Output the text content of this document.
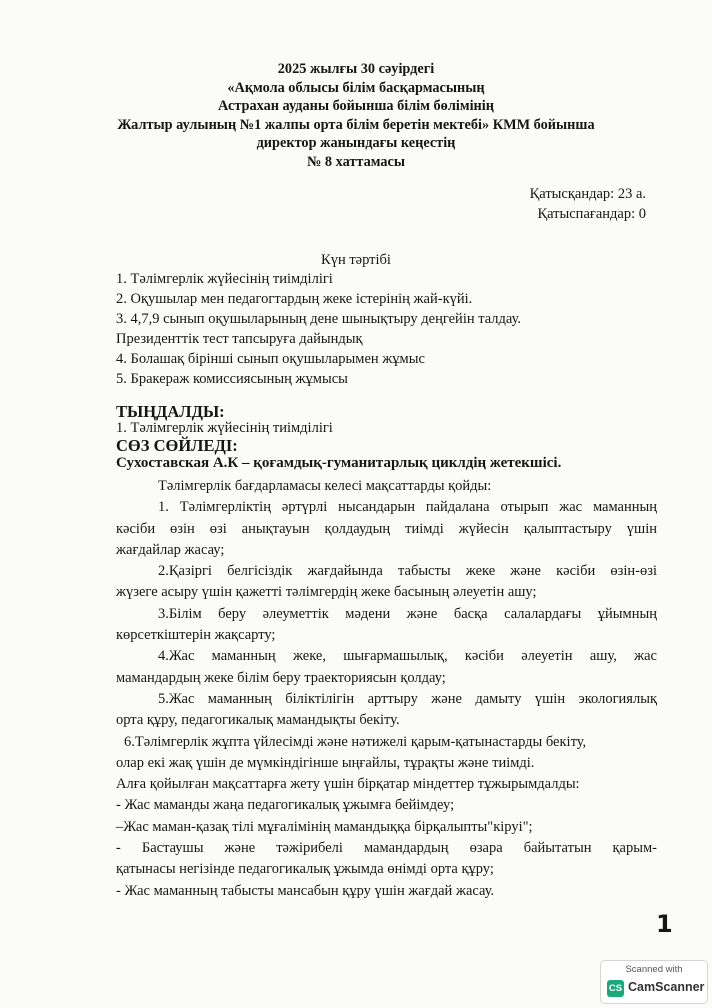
2025 жылғы 30 сәуірдегі
«Ақмола облысы білім басқармасының
Астрахан ауданы бойынша білім бөлімінің
Жалтыр аулының №1 жалпы орта білім беретін мектебі» КММ бойынша
директор жанындағы кеңестің
№ 8 хаттамасы
Қатысқандар: 23 а.
Қатыспағандар: 0
Күн тәртібі
1. Тәлімгерлік жүйесінің тиімділігі
2. Оқушылар мен педагогтардың жеке істерінің жай-күйі.
3. 4,7,9 сынып оқушыларының дене шынықтыру деңгейін талдау.
Президенттік тест тапсыруға дайындық
4. Болашақ бірінші сынып оқушыларымен жұмыс
5. Бракераж комиссиясының жұмысы
ТЫҢДАЛДЫ:
1. Тәлімгерлік жүйесінің тиімділігі
СӨЗ СӨЙЛЕДІ:
Сухоставская А.К – қоғамдық-гуманитарлық циклдің жетекшісі.
Тәлімгерлік бағдарламасы келесі мақсаттарды қойды:
1. Тәлімгерліктің әртүрлі нысандарын пайдалана отырып жас маманның
кәсіби өзін өзі анықтауын қолдаудың тиімді жүйесін қалыптастыру үшін
жағдайлар жасау;
2.Қазіргі белгісіздік жағдайында табысты жеке және кәсіби өзін-өзі
жүзеге асыру үшін қажетті тәлімгердің жеке басының әлеуетін ашу;
3.Білім беру әлеуметтік мәдени және басқа салалардағы ұйымның
көрсеткіштерін жақсарту;
4.Жас маманның жеке, шығармашылық, кәсіби әлеуетін ашу, жас
мамандардың жеке білім беру траекториясын қолдау;
5.Жас маманның біліктілігін арттыру және дамыту үшін экологиялық
орта құру, педагогикалық мамандықты бекіту.
6.Тәлімгерлік жұпта үйлесімді және нәтижелі қарым-қатынастарды бекіту,
олар екі жақ үшін де мүмкіндігінше ыңғайлы, тұрақты және тиімді.
Алға қойылған мақсаттарға жету үшін бірқатар міндеттер тұжырымдалды:
- Жас маманды жаңа педагогикалық ұжымға бейімдеу;
–Жас маман-қазақ тілі мұғалімінің мамандыққа бірқалыпты"кіруі";
- Бастаушы және тәжірибелі мамандардың өзара байытатын қарым-
қатынасы негізінде педагогикалық ұжымда өнімді орта құру;
- Жас маманның табысты мансабын құру үшін жағдай жасау.
1
Scanned with
CS CamScanner
